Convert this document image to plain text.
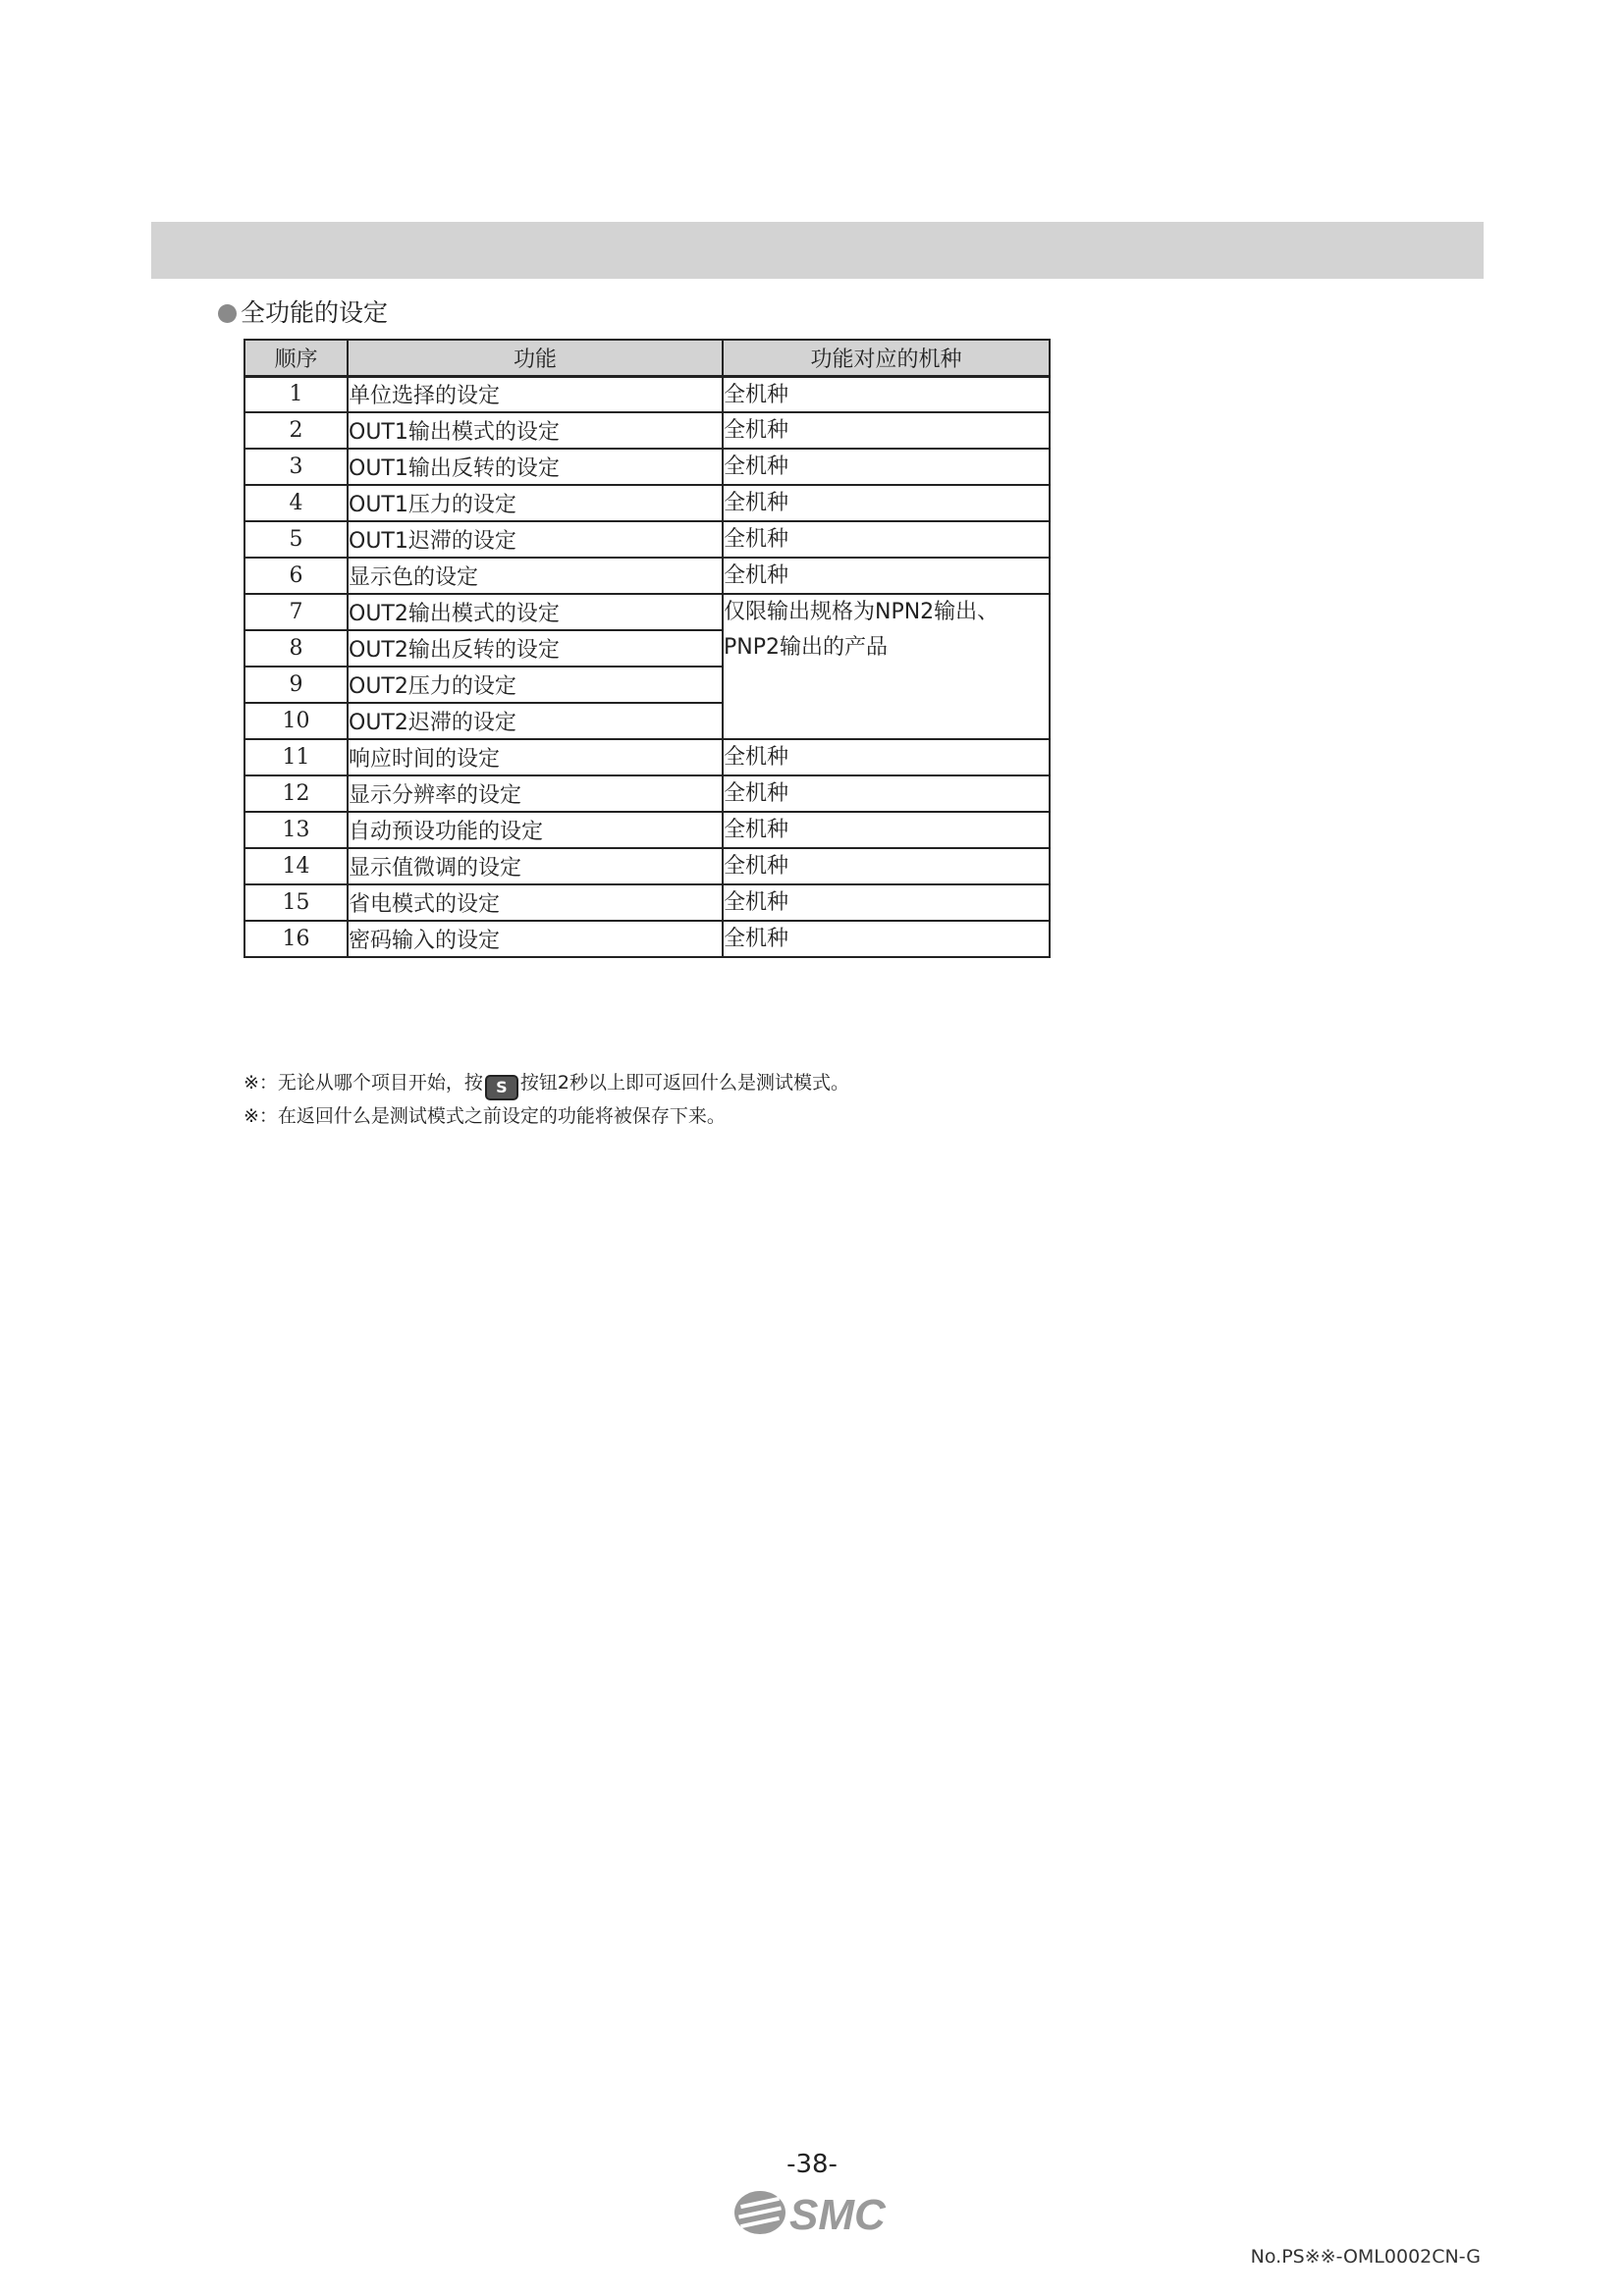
全功能的设定
顺序	功能	功能对应的机种
1	单位选择的设定	全机种
2	OUT1输出模式的设定	全机种
3	OUT1输出反转的设定	全机种
4	OUT1压力的设定	全机种
5	OUT1迟滞的设定	全机种
6	显示色的设定	全机种
7	OUT2输出模式的设定	仅限输出规格为NPN2输出、
PNP2输出的产品

8	OUT2输出反转的设定	
9	OUT2压力的设定	
10	OUT2迟滞的设定	
11	响应时间的设定	全机种
12	显示分辨率的设定	全机种
13	自动预设功能的设定	全机种
14	显示值微调的设定	全机种
15	省电模式的设定	全机种
16	密码输入的设定	全机种
※：无论从哪个项目开始，按 S 按钮2秒以上即可返回什么是测试模式。
※：在返回什么是测试模式之前设定的功能将被保存下来。
-38-
SMC
No.PS※※-OML0002CN-G
